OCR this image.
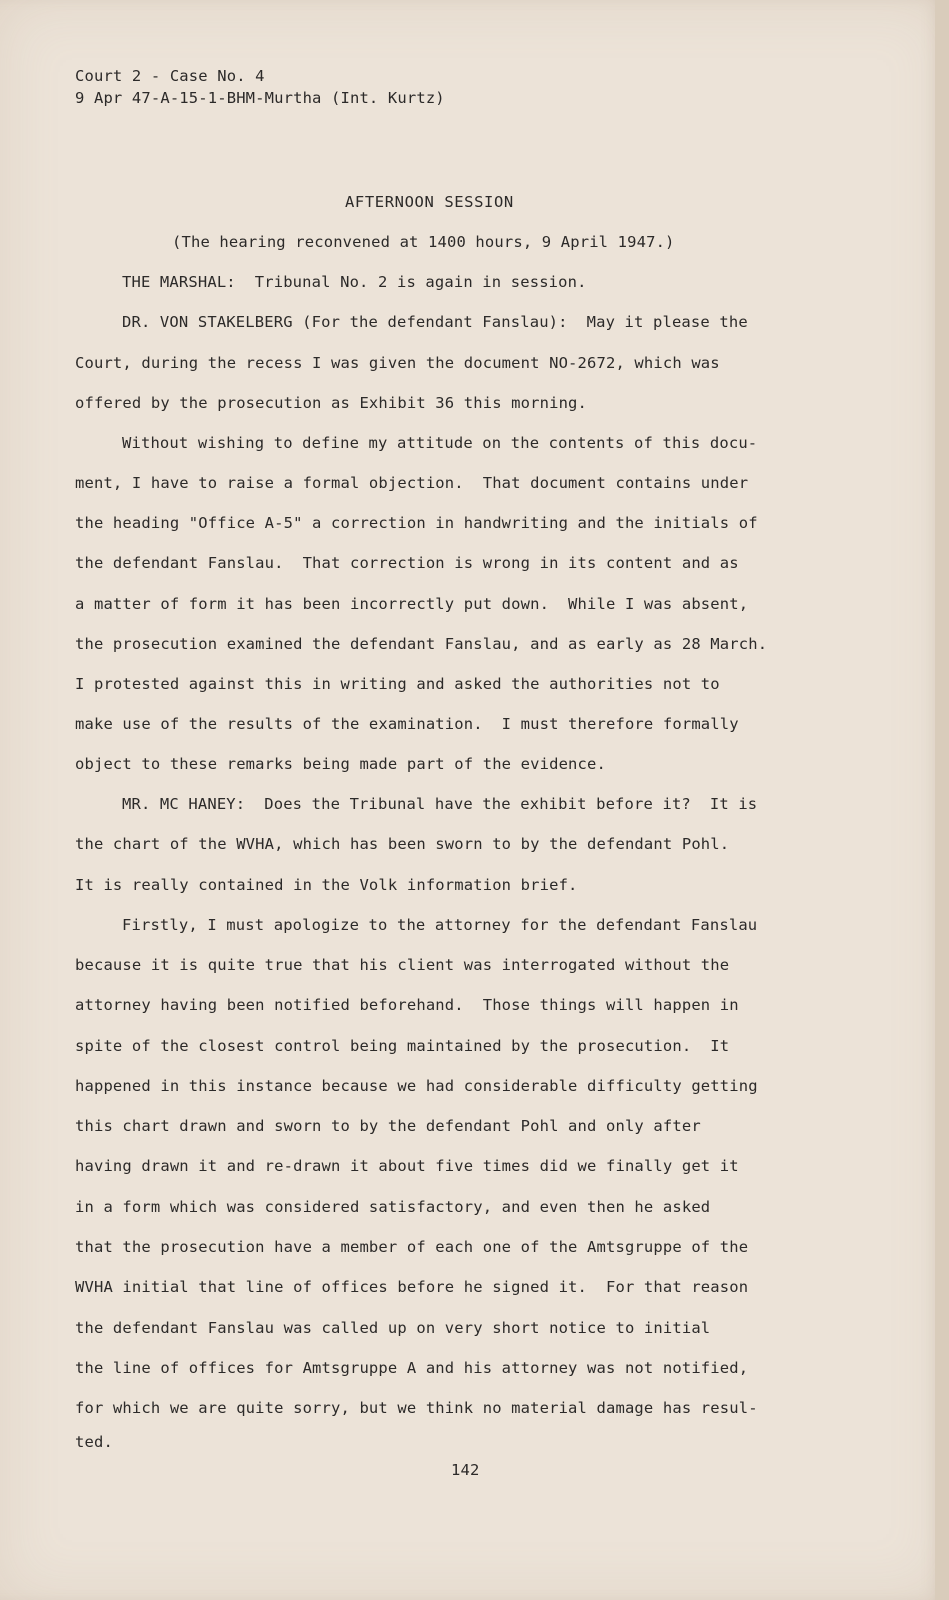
Court 2 - Case No. 4
9 Apr 47-A-15-1-BHM-Murtha (Int. Kurtz)
AFTERNOON SESSION
(The hearing reconvened at 1400 hours, 9 April 1947.)
THE MARSHAL:  Tribunal No. 2 is again in session.
DR. VON STAKELBERG (For the defendant Fanslau):  May it please the
Court, during the recess I was given the document NO-2672, which was
offered by the prosecution as Exhibit 36 this morning.
Without wishing to define my attitude on the contents of this docu-
ment, I have to raise a formal objection.  That document contains under
the heading "Office A-5" a correction in handwriting and the initials of
the defendant Fanslau.  That correction is wrong in its content and as
a matter of form it has been incorrectly put down.  While I was absent,
the prosecution examined the defendant Fanslau, and as early as 28 March.
I protested against this in writing and asked the authorities not to
make use of the results of the examination.  I must therefore formally
object to these remarks being made part of the evidence.
MR. MC HANEY:  Does the Tribunal have the exhibit before it?  It is
the chart of the WVHA, which has been sworn to by the defendant Pohl.
It is really contained in the Volk information brief.
Firstly, I must apologize to the attorney for the defendant Fanslau
because it is quite true that his client was interrogated without the
attorney having been notified beforehand.  Those things will happen in
spite of the closest control being maintained by the prosecution.  It
happened in this instance because we had considerable difficulty getting
this chart drawn and sworn to by the defendant Pohl and only after
having drawn it and re-drawn it about five times did we finally get it
in a form which was considered satisfactory, and even then he asked
that the prosecution have a member of each one of the Amtsgruppe of the
WVHA initial that line of offices before he signed it.  For that reason
the defendant Fanslau was called up on very short notice to initial
the line of offices for Amtsgruppe A and his attorney was not notified,
for which we are quite sorry, but we think no material damage has resul-
ted.
142
